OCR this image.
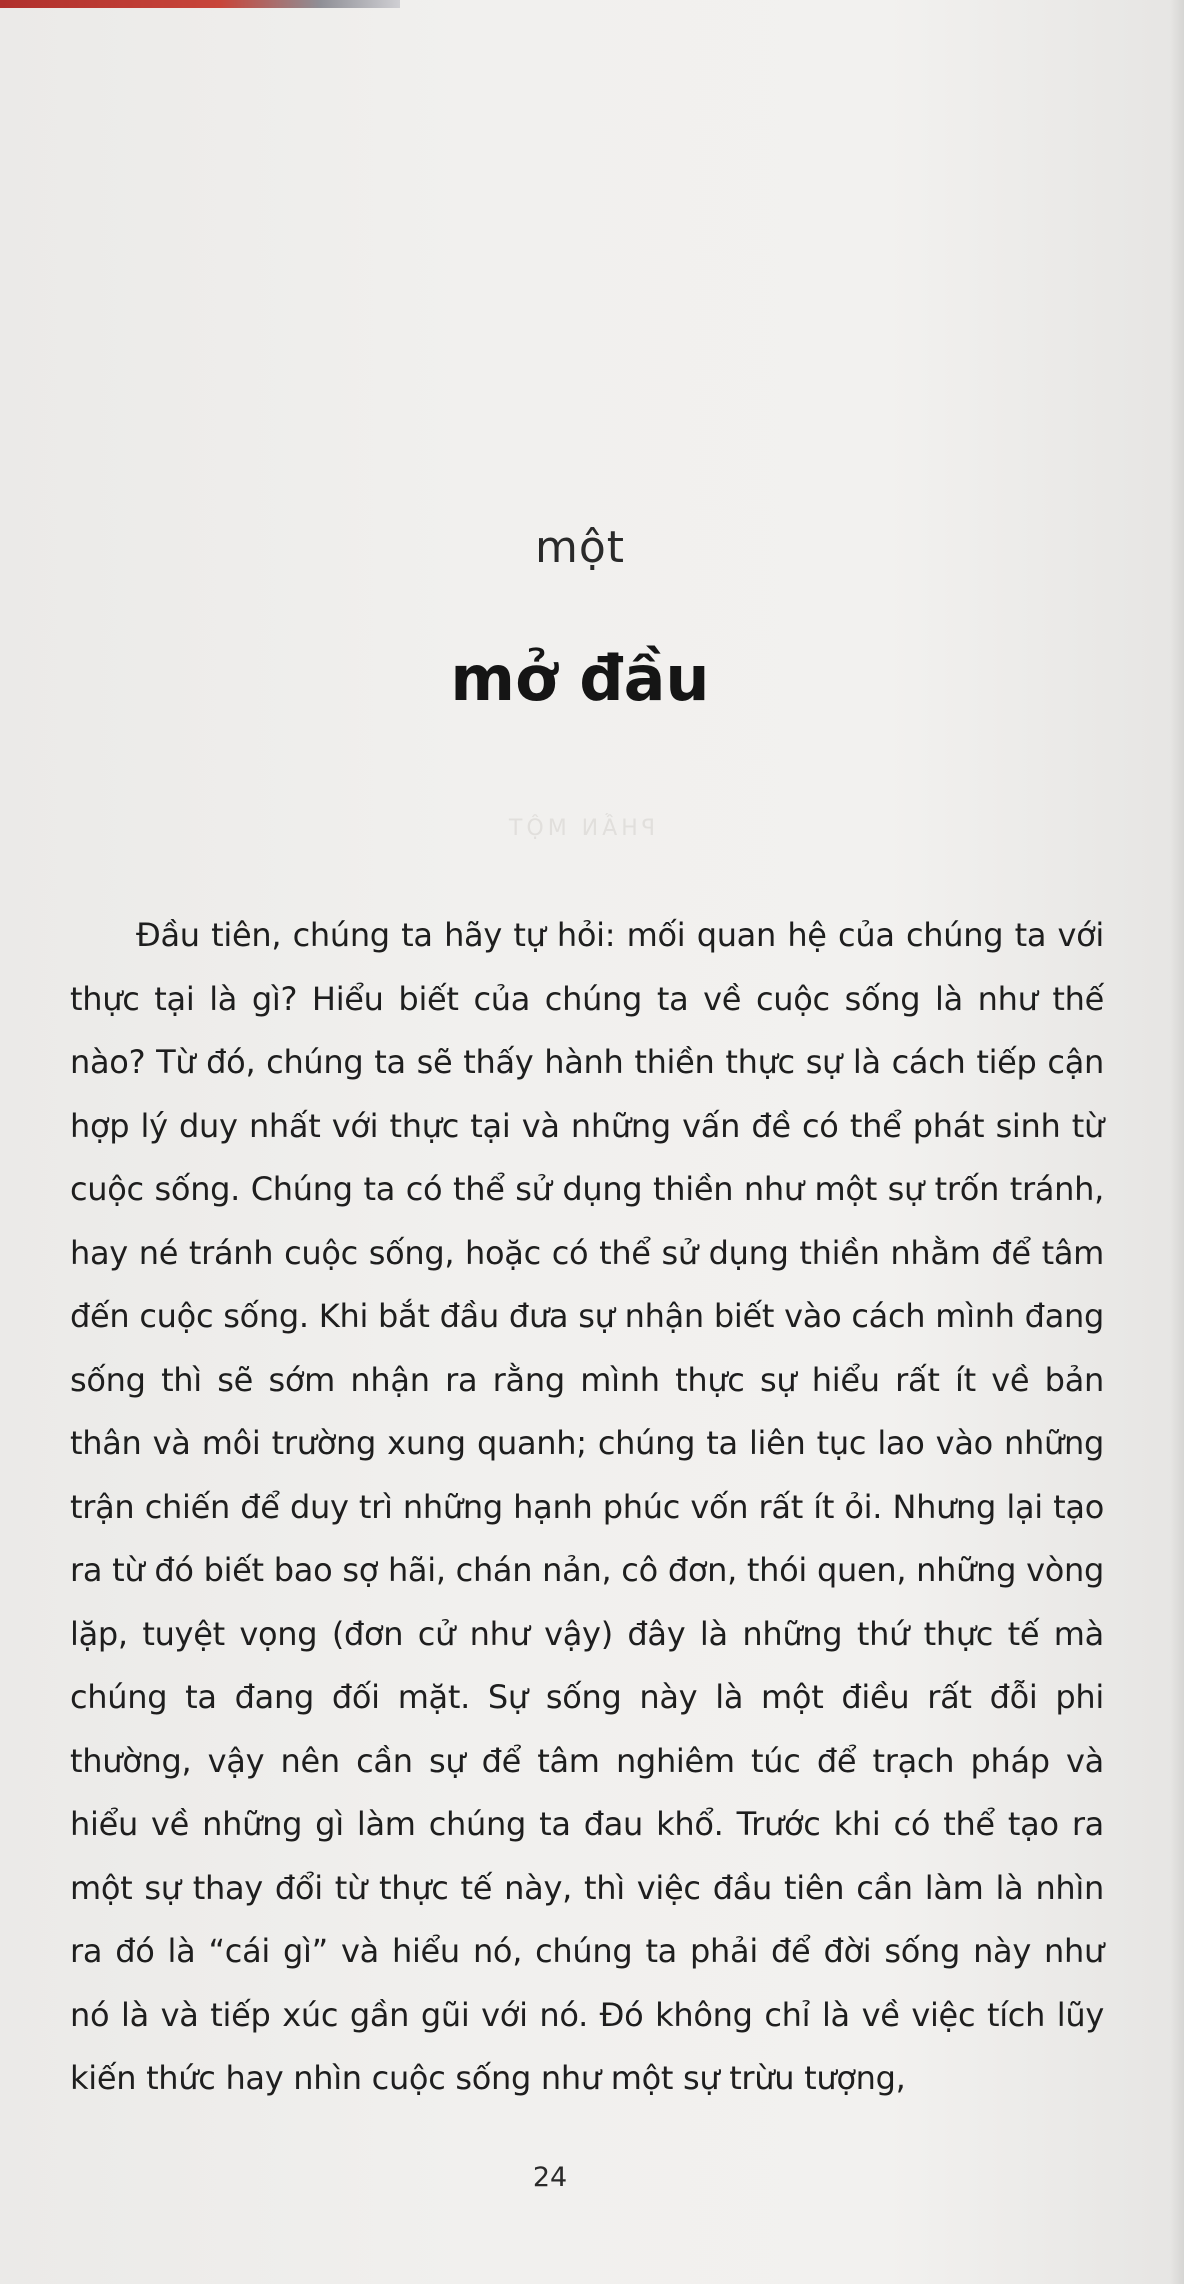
một
mở đầu
PHẦN MỘT

Đầu tiên, chúng ta hãy tự hỏi: mối quan hệ của chúng ta với thực tại là gì? Hiểu biết của chúng ta về cuộc sống là như thế nào? Từ đó, chúng ta sẽ thấy hành thiền thực sự là cách tiếp cận hợp lý duy nhất với thực tại và những vấn đề có thể phát sinh từ cuộc sống. Chúng ta có thể sử dụng thiền như một sự trốn tránh, hay né tránh cuộc sống, hoặc có thể sử dụng thiền nhằm để tâm đến cuộc sống. Khi bắt đầu đưa sự nhận biết vào cách mình đang sống thì sẽ sớm nhận ra rằng mình thực sự hiểu rất ít về bản thân và môi trường xung quanh; chúng ta liên tục lao vào những trận chiến để duy trì những hạnh phúc vốn rất ít ỏi. Nhưng lại tạo ra từ đó biết bao sợ hãi, chán nản, cô đơn, thói quen, những vòng lặp, tuyệt vọng (đơn cử như vậy) đây là những thứ thực tế mà chúng ta đang đối mặt. Sự sống này là một điều rất đỗi phi thường, vậy nên cần sự để tâm nghiêm túc để trạch pháp và hiểu về những gì làm chúng ta đau khổ. Trước khi có thể tạo ra một sự thay đổi từ thực tế này, thì việc đầu tiên cần làm là nhìn ra đó là “cái gì” và hiểu nó, chúng ta phải để đời sống này như nó là và tiếp xúc gần gũi với nó. Đó không chỉ là về việc tích lũy kiến thức hay nhìn cuộc sống như một sự trừu tượng,

24
